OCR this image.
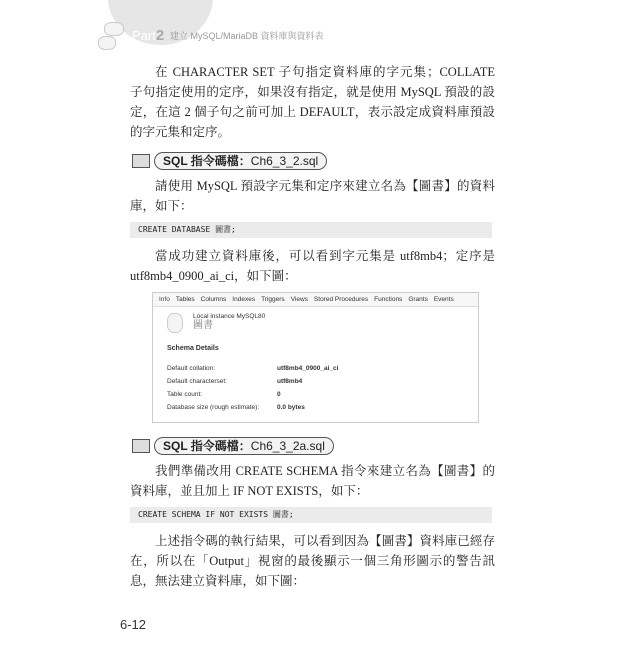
Part2 建立 MySQL/MariaDB 資料庫與資料表
在 CHARACTER SET 子句指定資料庫的字元集；COLLATE 子句指定使用的定序，如果沒有指定，就是使用 MySQL 預設的設定，在這 2 個子句之前可加上 DEFAULT，表示設定成資料庫預設的字元集和定序。
SQL 指令碼檔：Ch6_3_2.sql
請使用 MySQL 預設字元集和定序來建立名為【圖書】的資料庫，如下：
CREATE DATABASE 圖書;
當成功建立資料庫後，可以看到字元集是 utf8mb4；定序是 utf8mb4_0900_ai_ci，如下圖：
Info Tables Columns Indexes Triggers Views Stored Procedures Functions Grants Events
Local instance MySQL80
圖書
Schema Details
Default collation:	utf8mb4_0900_ai_ci
Default characterset:	utf8mb4
Table count:	0
Database size (rough estimate):	0.0 bytes
SQL 指令碼檔：Ch6_3_2a.sql
我們準備改用 CREATE SCHEMA 指令來建立名為【圖書】的資料庫，並且加上 IF NOT EXISTS，如下：
CREATE SCHEMA IF NOT EXISTS 圖書;
上述指令碼的執行結果，可以看到因為【圖書】資料庫已經存在，所以在「Output」視窗的最後顯示一個三角形圖示的警告訊息，無法建立資料庫，如下圖：
6-12
